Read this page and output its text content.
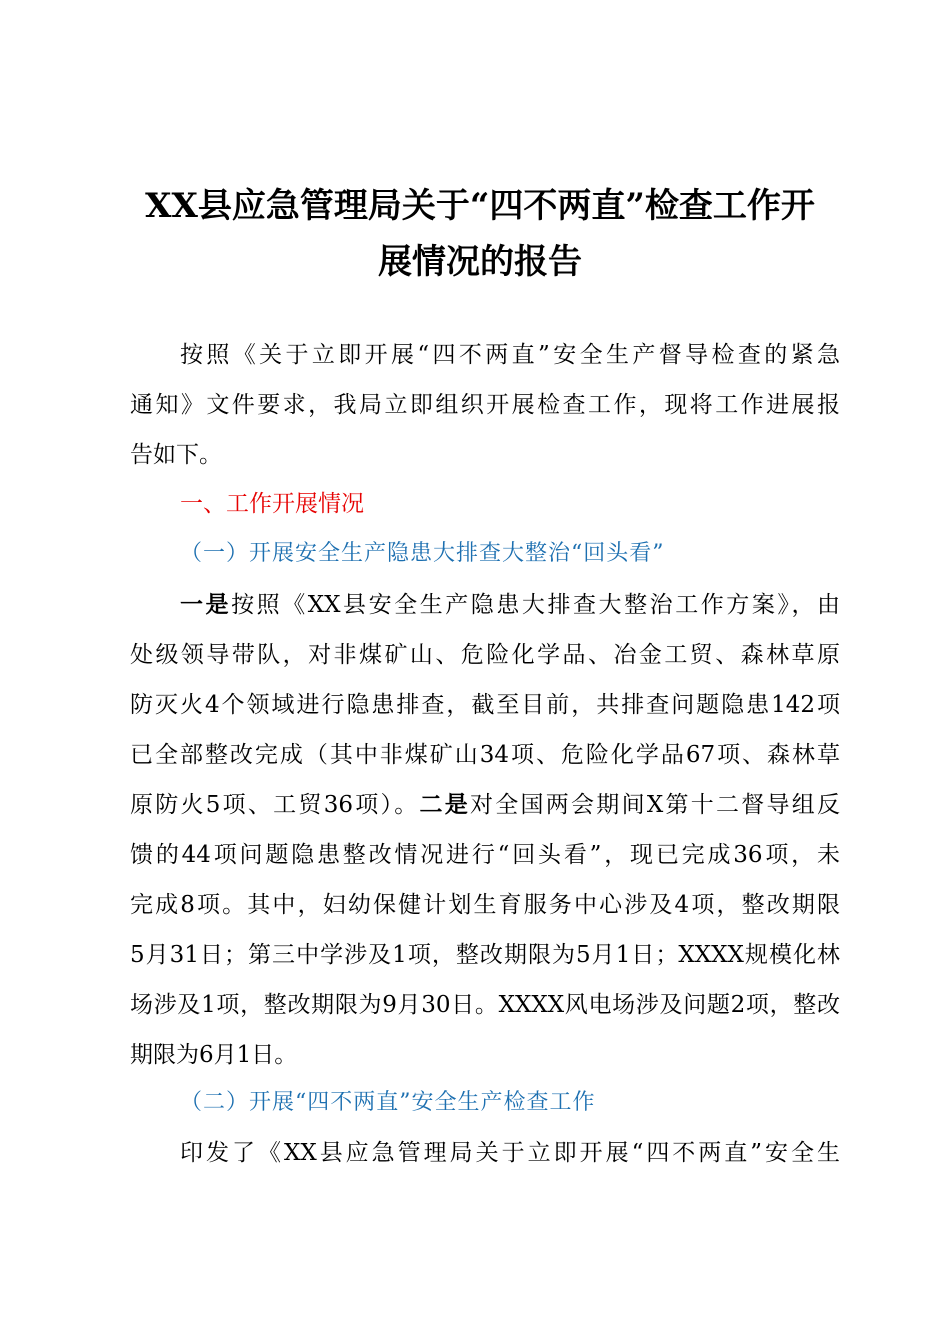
XX县应急管理局关于“四不两直”检查工作开
展情况的报告

按照《关于立即开展“四不两直”安全生产督导检查的紧急

通知》文件要求，我局立即组织开展检查工作，现将工作进展报

告如下。

一、工作开展情况

（一）开展安全生产隐患大排查大整治“回头看”

一是按照《XX县安全生产隐患大排查大整治工作方案》，由

处级领导带队，对非煤矿山、危险化学品、冶金工贸、森林草原

防灭火4个领域进行隐患排查，截至目前，共排查问题隐患142项

已全部整改完成（其中非煤矿山34项、危险化学品67项、森林草

原防火5项、工贸36项）。二是对全国两会期间X第十二督导组反

馈的44项问题隐患整改情况进行“回头看”，现已完成36项，未

完成8项。其中，妇幼保健计划生育服务中心涉及4项，整改期限

5月31日；第三中学涉及1项，整改期限为5月1日；XXXX规模化林

场涉及1项，整改期限为9月30日。XXXX风电场涉及问题2项，整改

期限为6月1日。

（二）开展“四不两直”安全生产检查工作

印发了《XX县应急管理局关于立即开展“四不两直”安全生
